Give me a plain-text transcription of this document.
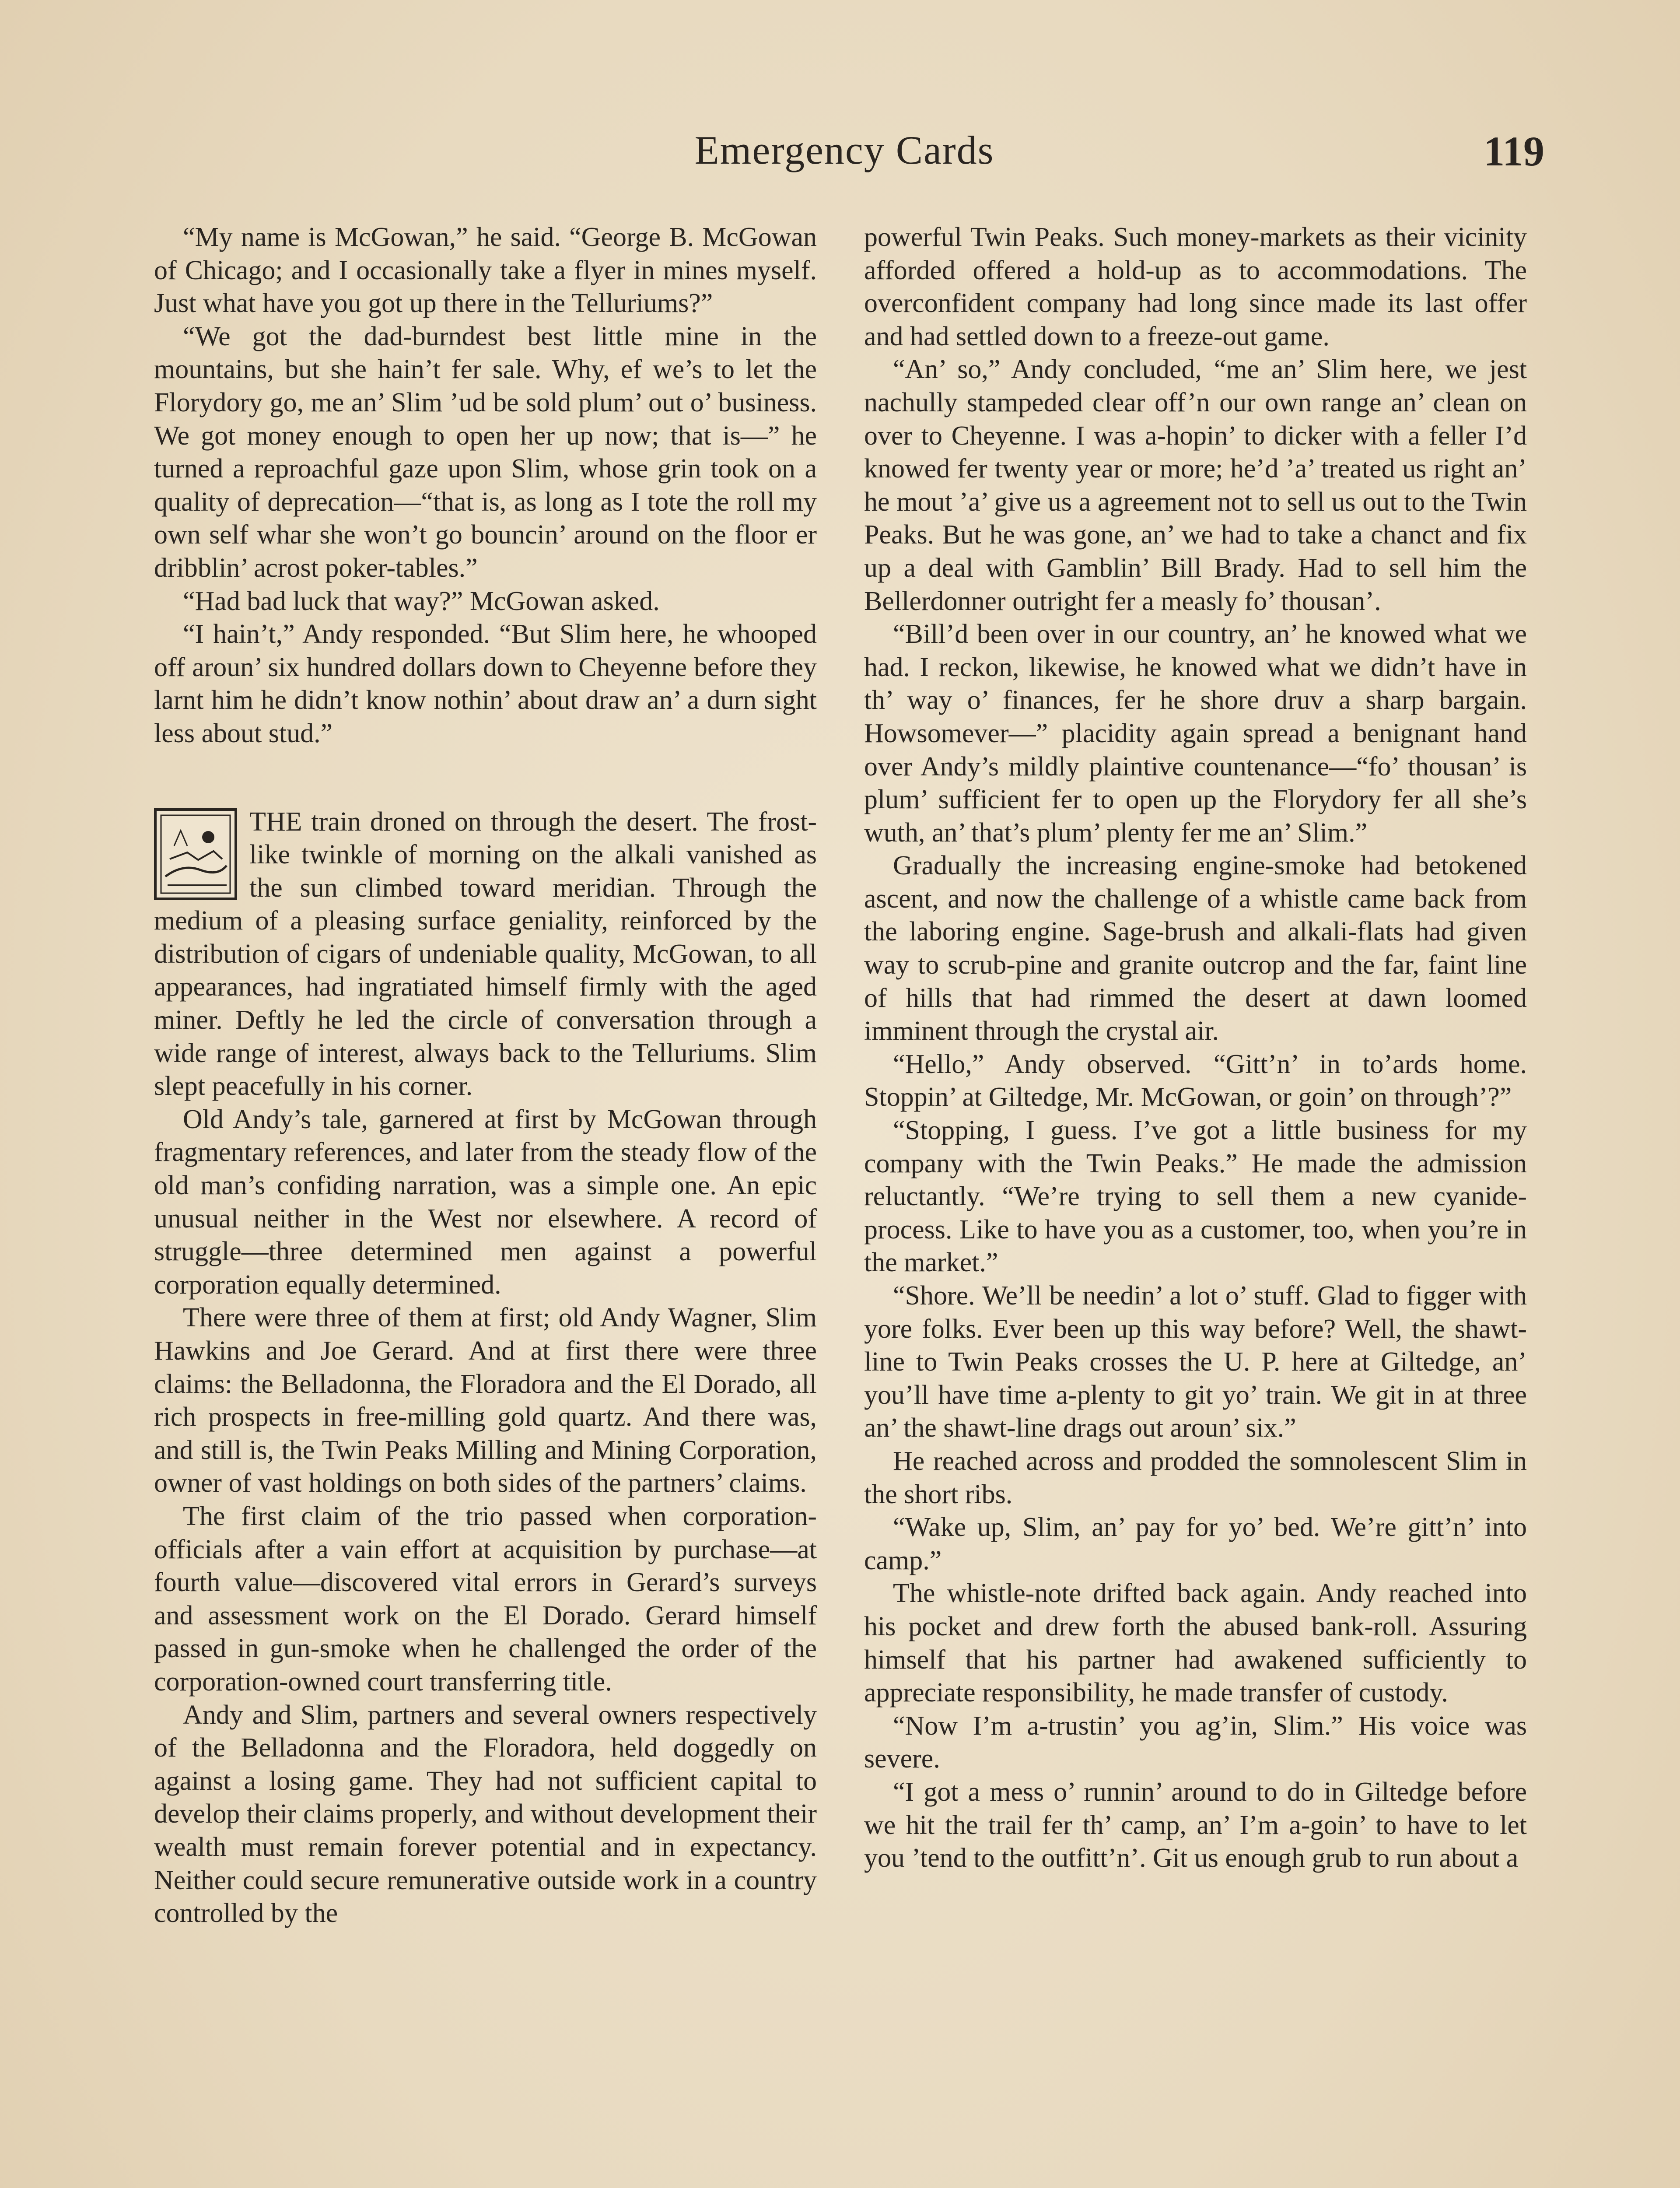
Emergency Cards	119

“My name is McGowan,” he said. “George B. McGowan of Chicago; and I occasionally take a flyer in mines myself. Just what have you got up there in the Telluriums?”

“We got the dad-burndest best little mine in the mountains, but she hain’t fer sale. Why, ef we’s to let the Florydory go, me an’ Slim ’ud be sold plum’ out o’ business. We got money enough to open her up now; that is—” he turned a reproachful gaze upon Slim, whose grin took on a quality of deprecation—“that is, as long as I tote the roll my own self whar she won’t go bouncin’ around on the floor er dribblin’ acrost poker-tables.”

“Had bad luck that way?” McGowan asked.

“I hain’t,” Andy responded. “But Slim here, he whooped off aroun’ six hundred dollars down to Cheyenne before they larnt him he didn’t know nothin’ about draw an’ a durn sight less about stud.”

THE train droned on through the desert. The frost-like twinkle of morning on the alkali vanished as the sun climbed toward meridian. Through the medium of a pleasing surface geniality, reinforced by the distribution of cigars of undeniable quality, McGowan, to all appearances, had ingratiated himself firmly with the aged miner. Deftly he led the circle of conversation through a wide range of interest, always back to the Telluriums. Slim slept peacefully in his corner.

Old Andy’s tale, garnered at first by McGowan through fragmentary references, and later from the steady flow of the old man’s confiding narration, was a simple one. An epic unusual neither in the West nor elsewhere. A record of struggle—three determined men against a powerful corporation equally determined.

There were three of them at first; old Andy Wagner, Slim Hawkins and Joe Gerard. And at first there were three claims: the Belladonna, the Floradora and the El Dorado, all rich prospects in free-milling gold quartz. And there was, and still is, the Twin Peaks Milling and Mining Corporation, owner of vast holdings on both sides of the partners’ claims.

The first claim of the trio passed when corporation-officials after a vain effort at acquisition by purchase—at fourth value—discovered vital errors in Gerard’s surveys and assessment work on the El Dorado. Gerard himself passed in gun-smoke when he challenged the order of the corporation-owned court transferring title.

Andy and Slim, partners and several owners respectively of the Belladonna and the Floradora, held doggedly on against a losing game. They had not sufficient capital to develop their claims properly, and without development their wealth must remain forever potential and in expectancy. Neither could secure remunerative outside work in a country controlled by the

powerful Twin Peaks. Such money-markets as their vicinity afforded offered a hold-up as to accommodations. The overconfident company had long since made its last offer and had settled down to a freeze-out game.

“An’ so,” Andy concluded, “me an’ Slim here, we jest nachully stampeded clear off’n our own range an’ clean on over to Cheyenne. I was a-hopin’ to dicker with a feller I’d knowed fer twenty year or more; he’d ’a’ treated us right an’ he mout ’a’ give us a agreement not to sell us out to the Twin Peaks. But he was gone, an’ we had to take a chanct and fix up a deal with Gamblin’ Bill Brady. Had to sell him the Bellerdonner outright fer a measly fo’ thousan’.

“Bill’d been over in our country, an’ he knowed what we had. I reckon, likewise, he knowed what we didn’t have in th’ way o’ finances, fer he shore druv a sharp bargain. Howsomever—” placidity again spread a benignant hand over Andy’s mildly plaintive countenance—“fo’ thousan’ is plum’ sufficient fer to open up the Florydory fer all she’s wuth, an’ that’s plum’ plenty fer me an’ Slim.”

Gradually the increasing engine-smoke had betokened ascent, and now the challenge of a whistle came back from the laboring engine. Sage-brush and alkali-flats had given way to scrub-pine and granite outcrop and the far, faint line of hills that had rimmed the desert at dawn loomed imminent through the crystal air.

“Hello,” Andy observed. “Gitt’n’ in to’ards home. Stoppin’ at Giltedge, Mr. McGowan, or goin’ on through’?”

“Stopping, I guess. I’ve got a little business for my company with the Twin Peaks.” He made the admission reluctantly. “We’re trying to sell them a new cyanide-process. Like to have you as a customer, too, when you’re in the market.”

“Shore. We’ll be needin’ a lot o’ stuff. Glad to figger with yore folks. Ever been up this way before? Well, the shawt-line to Twin Peaks crosses the U. P. here at Giltedge, an’ you’ll have time a-plenty to git yo’ train. We git in at three an’ the shawt-line drags out aroun’ six.”

He reached across and prodded the somnolescent Slim in the short ribs.

“Wake up, Slim, an’ pay for yo’ bed. We’re gitt’n’ into camp.”

The whistle-note drifted back again. Andy reached into his pocket and drew forth the abused bank-roll. Assuring himself that his partner had awakened sufficiently to appreciate responsibility, he made transfer of custody.

“Now I’m a-trustin’ you ag’in, Slim.” His voice was severe.

“I got a mess o’ runnin’ around to do in Giltedge before we hit the trail fer th’ camp, an’ I’m a-goin’ to have to let you ’tend to the outfitt’n’. Git us enough grub to run about a
